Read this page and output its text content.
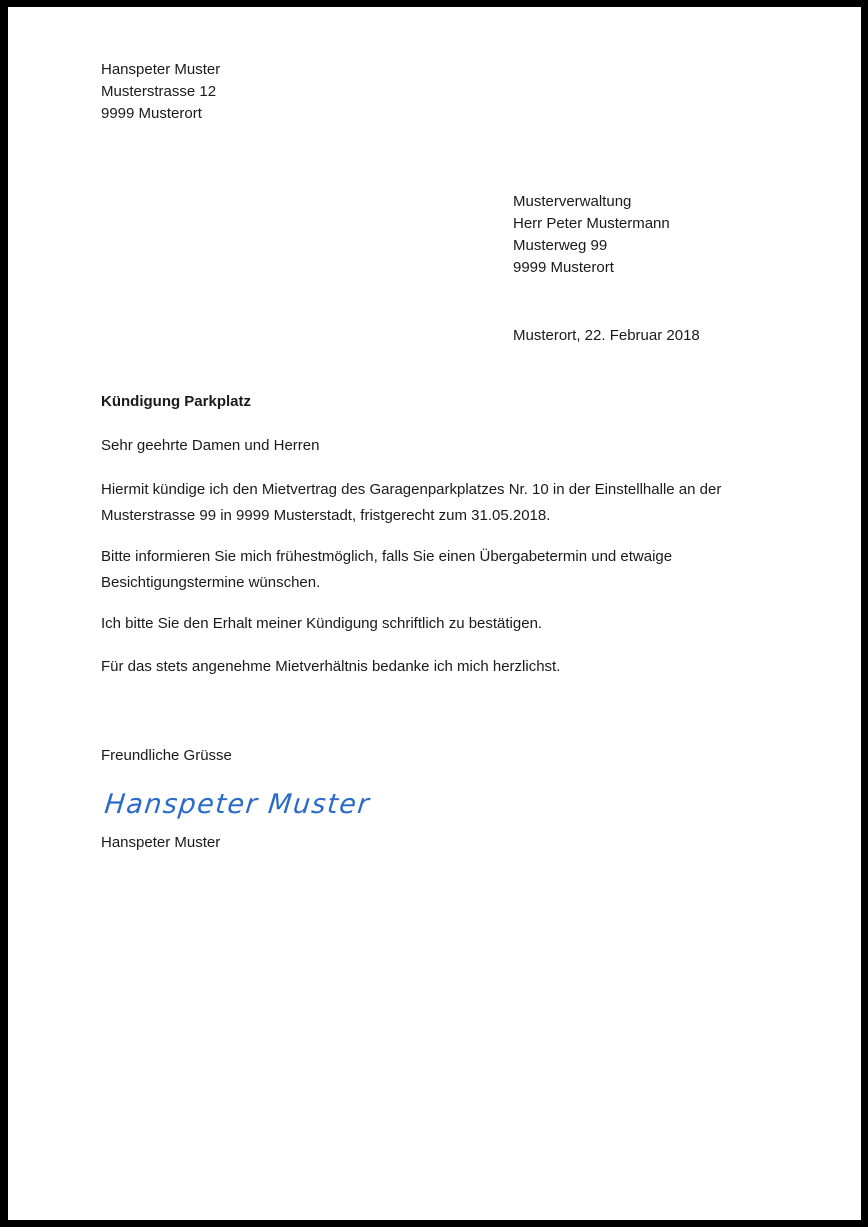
Hanspeter Muster
Musterstrasse 12
9999 Musterort
Musterverwaltung
Herr Peter Mustermann
Musterweg 99
9999 Musterort
Musterort, 22. Februar 2018
Kündigung Parkplatz
Sehr geehrte Damen und Herren
Hiermit kündige ich den Mietvertrag des Garagenparkplatzes Nr. 10 in der Einstellhalle an der Musterstrasse 99 in 9999 Musterstadt, fristgerecht zum 31.05.2018.
Bitte informieren Sie mich frühestmöglich, falls Sie einen Übergabetermin und etwaige Besichtigungstermine wünschen.
Ich bitte Sie den Erhalt meiner Kündigung schriftlich zu bestätigen.
Für das stets angenehme Mietverhältnis bedanke ich mich herzlichst.
Freundliche Grüsse
Hanspeter Muster
Hanspeter Muster
